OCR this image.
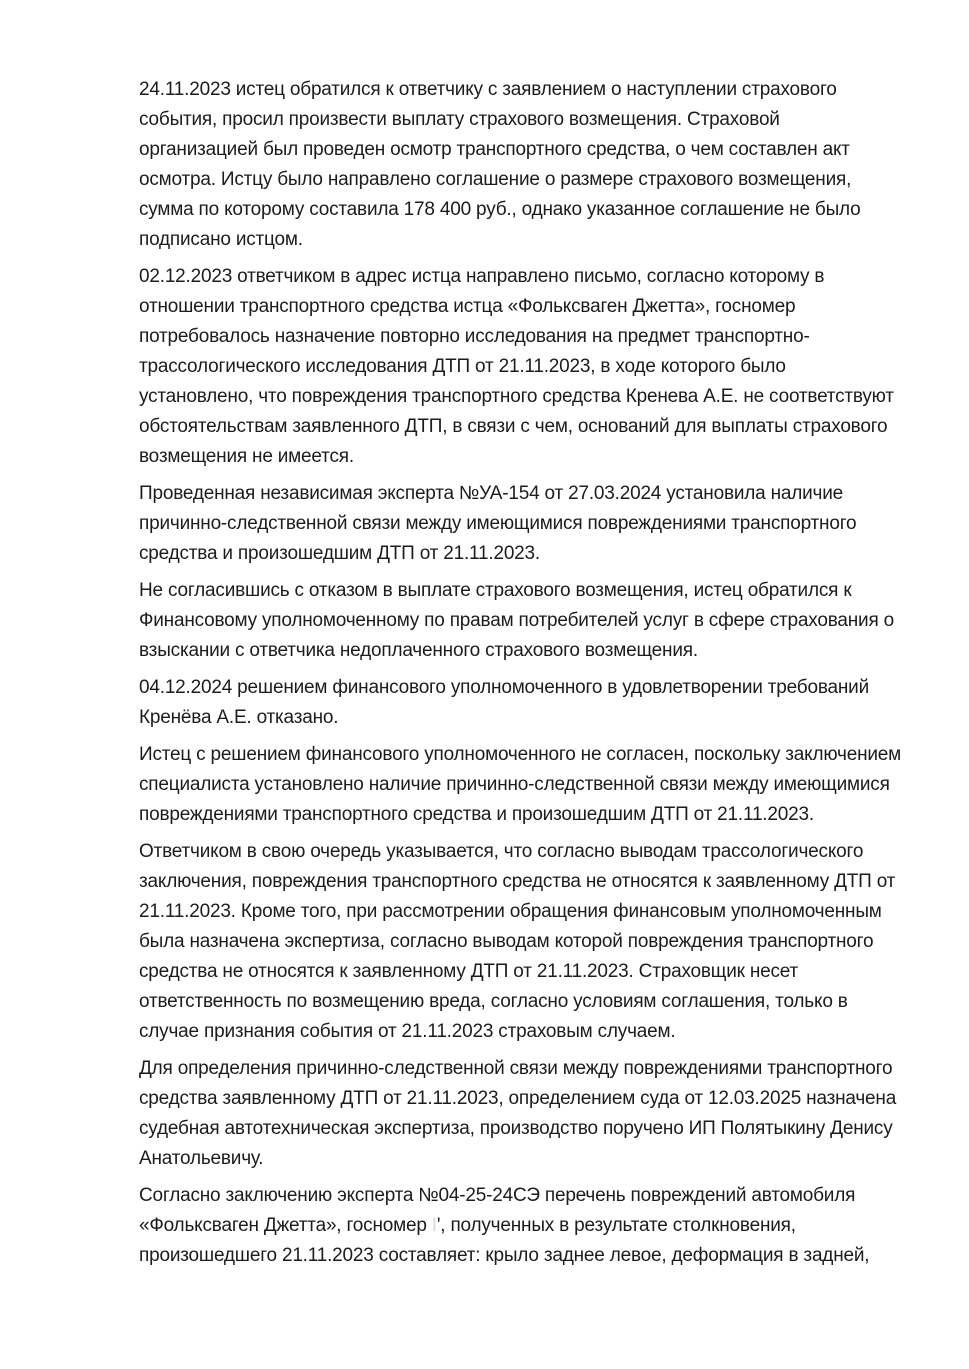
24.11.2023 истец обратился к ответчику с заявлением о наступлении страхового события, просил произвести выплату страхового возмещения. Страховой организацией был проведен осмотр транспортного средства, о чем составлен акт осмотра. Истцу было направлено соглашение о размере страхового возмещения, сумма по которому составила 178 400 руб., однако указанное соглашение не было подписано истцом.

02.12.2023 ответчиком в адрес истца направлено письмо, согласно которому в отношении транспортного средства истца «Фольксваген Джетта», госномер потребовалось назначение повторно исследования на предмет транспортно-трассологического исследования ДТП от 21.11.2023, в ходе которого было установлено, что повреждения транспортного средства Кренева А.Е. не соответствуют обстоятельствам заявленного ДТП, в связи с чем, оснований для выплаты страхового возмещения не имеется.

Проведенная независимая эксперта №УА-154 от 27.03.2024 установила наличие причинно-следственной связи между имеющимися повреждениями транспортного средства и произошедшим ДТП от 21.11.2023.

Не согласившись с отказом в выплате страхового возмещения, истец обратился к Финансовому уполномоченному по правам потребителей услуг в сфере страхования о взыскании с ответчика недоплаченного страхового возмещения.

04.12.2024 решением финансового уполномоченного в удовлетворении требований Кренёва А.Е. отказано.

Истец с решением финансового уполномоченного не согласен, поскольку заключением специалиста установлено наличие причинно-следственной связи между имеющимися повреждениями транспортного средства и произошедшим ДТП от 21.11.2023.

Ответчиком в свою очередь указывается, что согласно выводам трассологического заключения, повреждения транспортного средства не относятся к заявленному ДТП от 21.11.2023. Кроме того, при рассмотрении обращения финансовым уполномоченным была назначена экспертиза, согласно выводам которой повреждения транспортного средства не относятся к заявленному ДТП от 21.11.2023. Страховщик несет ответственность по возмещению вреда, согласно условиям соглашения, только в случае признания события от 21.11.2023 страховым случаем.

Для определения причинно-следственной связи между повреждениями транспортного средства заявленному ДТП от 21.11.2023, определением суда от 12.03.2025 назначена судебная автотехническая экспертиза, производство поручено ИП Полятыкину Денису Анатольевичу.

Согласно заключению эксперта №04-25-24СЭ перечень повреждений автомобиля «Фольксваген Джетта», госномер І', полученных в результате столкновения, произошедшего 21.11.2023 составляет: крыло заднее левое, деформация в задней,
